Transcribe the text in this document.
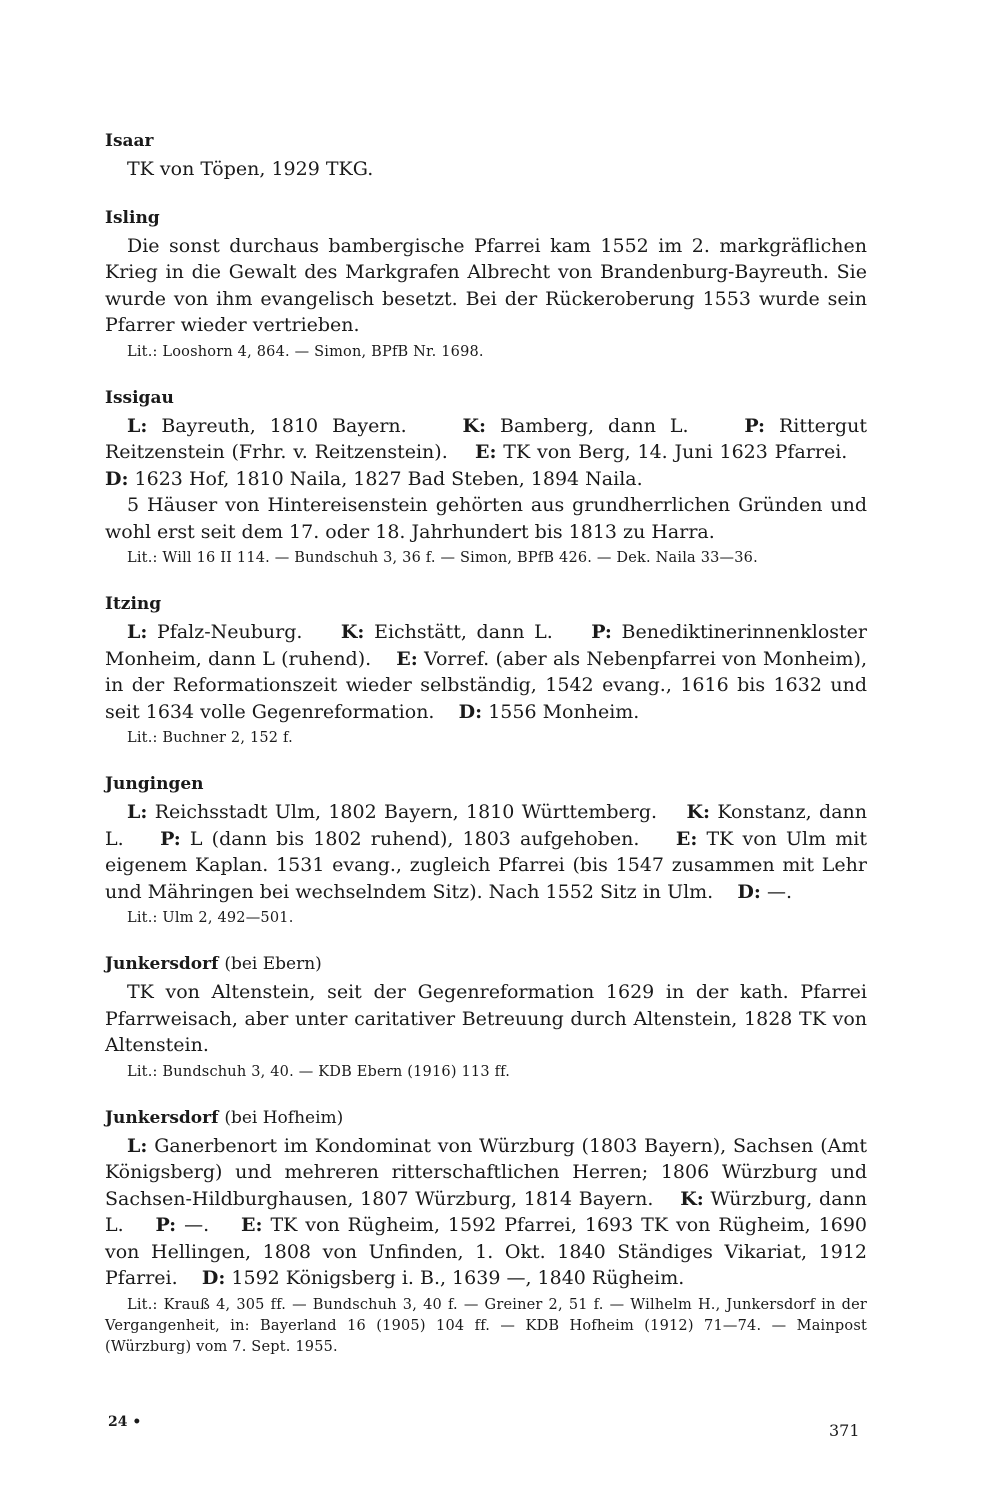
Isaar

TK von Töpen, 1929 TKG.

Isling

Die sonst durchaus bambergische Pfarrei kam 1552 im 2. markgräflichen Krieg in die Gewalt des Markgrafen Albrecht von Brandenburg-Bayreuth. Sie wurde von ihm evangelisch besetzt. Bei der Rückeroberung 1553 wurde sein Pfarrer wieder vertrieben.

Lit.: Looshorn 4, 864. — Simon, BPfB Nr. 1698.

Issigau

L: Bayreuth, 1810 Bayern.	K: Bamberg, dann L.	P: Rittergut Reitzenstein (Frhr. v. Reitzenstein). E: TK von Berg, 14. Juni 1623 Pfarrei.    D: 1623 Hof, 1810 Naila, 1827 Bad Steben, 1894 Naila.

5 Häuser von Hintereisenstein gehörten aus grundherrlichen Gründen und wohl erst seit dem 17. oder 18. Jahrhundert bis 1813 zu Harra.

Lit.: Will 16 II 114. — Bundschuh 3, 36 f. — Simon, BPfB 426. — Dek. Naila 33—36.

Itzing

L: Pfalz-Neuburg. K: Eichstätt, dann L. P: Benediktinerinnenkloster Monheim, dann L (ruhend). E: Vorref. (aber als Nebenpfarrei von Monheim), in der Reformationszeit wieder selbständig, 1542 evang., 1616 bis 1632 und seit 1634 volle Gegenreformation. D: 1556 Monheim.

Lit.: Buchner 2, 152 f.

Jungingen

L: Reichsstadt Ulm, 1802 Bayern, 1810 Württemberg. K: Konstanz, dann L. P: L (dann bis 1802 ruhend), 1803 aufgehoben. E: TK von Ulm mit eigenem Kaplan. 1531 evang., zugleich Pfarrei (bis 1547 zusammen mit Lehr und Mähringen bei wechselndem Sitz). Nach 1552 Sitz in Ulm. D: —.

Lit.: Ulm 2, 492—501.

Junkersdorf (bei Ebern)

TK von Altenstein, seit der Gegenreformation 1629 in der kath. Pfarrei Pfarrweisach, aber unter caritativer Betreuung durch Altenstein, 1828 TK von Altenstein.

Lit.: Bundschuh 3, 40. — KDB Ebern (1916) 113 ff.

Junkersdorf (bei Hofheim)

L: Ganerbenort im Kondominat von Würzburg (1803 Bayern), Sachsen (Amt Königsberg) und mehreren ritterschaftlichen Herren; 1806 Würzburg und Sachsen-Hildburghausen, 1807 Würzburg, 1814 Bayern. K: Würzburg, dann L. P: —. E: TK von Rügheim, 1592 Pfarrei, 1693 TK von Rügheim, 1690 von Hellingen, 1808 von Unfinden, 1. Okt. 1840 Ständiges Vikariat, 1912 Pfarrei. D: 1592 Königsberg i. B., 1639 —, 1840 Rügheim.

Lit.: Krauß 4, 305 ff. — Bundschuh 3, 40 f. — Greiner 2, 51 f. — Wilhelm H., Junkersdorf in der Vergangenheit, in: Bayerland 16 (1905) 104 ff. — KDB Hofheim (1912) 71—74. — Mainpost (Würzburg) vom 7. Sept. 1955.

24 •	371
